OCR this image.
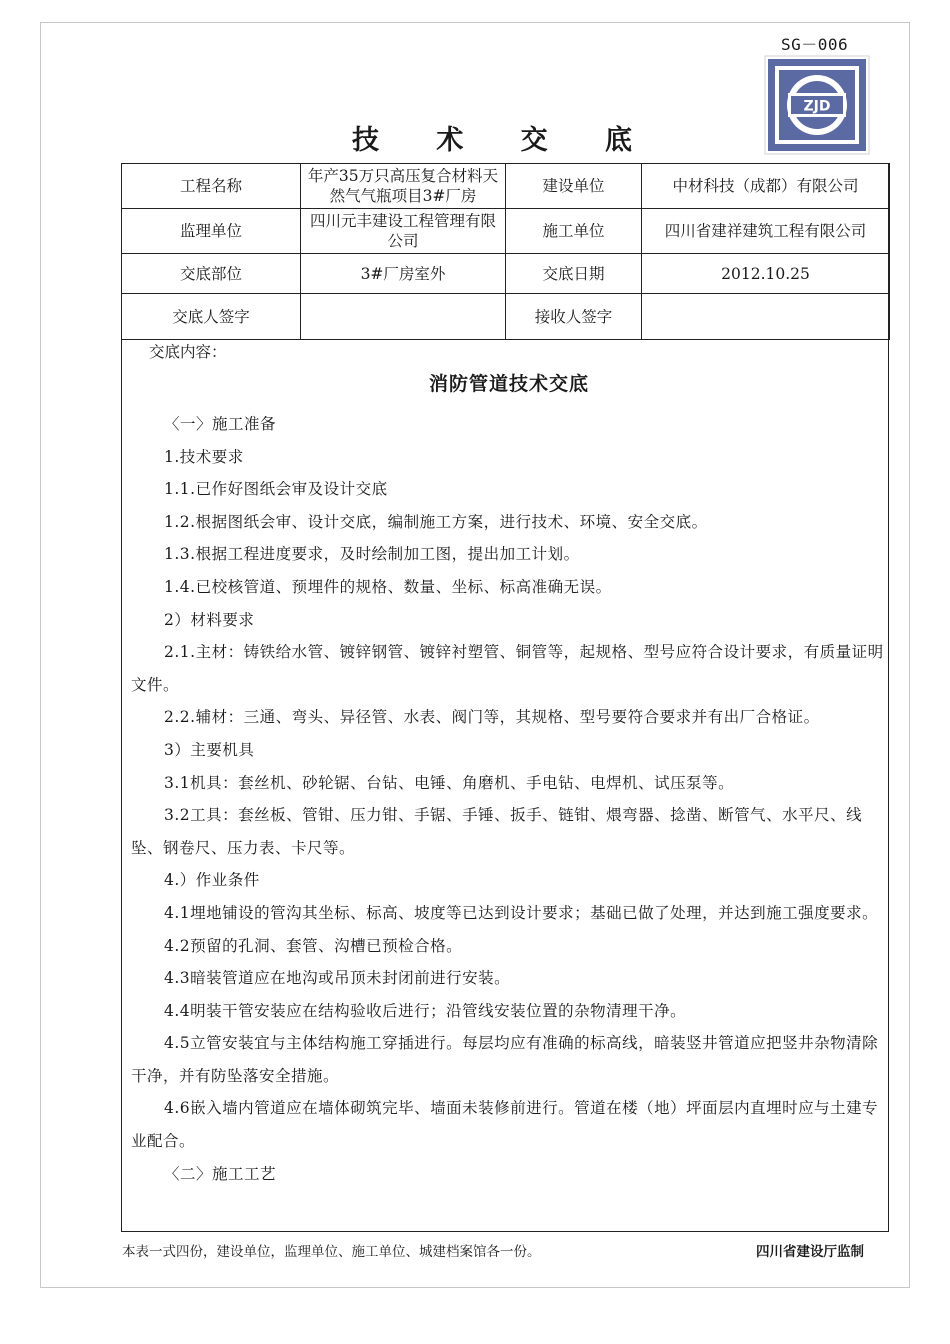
SG－006
ZJD
技 术 交 底
工程名称	年产35万只高压复合材料天然气气瓶项目3#厂房	建设单位	中材科技（成都）有限公司
监理单位	四川元丰建设工程管理有限公司	施工单位	四川省建祥建筑工程有限公司
交底部位	3#厂房室外	交底日期	2012.10.25
交底人签字		接收人签字	
交底内容：
消防管道技术交底

〈一〉施工准备

1.技术要求

1.1.已作好图纸会审及设计交底

1.2.根据图纸会审、设计交底，编制施工方案，进行技术、环境、安全交底。

1.3.根据工程进度要求，及时绘制加工图，提出加工计划。

1.4.已校核管道、预埋件的规格、数量、坐标、标高准确无误。

2）材料要求

2.1.主材：铸铁给水管、镀锌钢管、镀锌衬塑管、铜管等，起规格、型号应符合设计要求，有质量证明文件。

2.2.辅材：三通、弯头、异径管、水表、阀门等，其规格、型号要符合要求并有出厂合格证。

3）主要机具

3.1机具：套丝机、砂轮锯、台钻、电锤、角磨机、手电钻、电焊机、试压泵等。

3.2工具：套丝板、管钳、压力钳、手锯、手锤、扳手、链钳、煨弯器、捻凿、断管气、水平尺、线坠、钢卷尺、压力表、卡尺等。

4.）作业条件

4.1埋地铺设的管沟其坐标、标高、坡度等已达到设计要求；基础已做了处理，并达到施工强度要求。

4.2预留的孔洞、套管、沟槽已预检合格。

4.3暗装管道应在地沟或吊顶未封闭前进行安装。

4.4明装干管安装应在结构验收后进行；沿管线安装位置的杂物清理干净。

4.5立管安装宜与主体结构施工穿插进行。每层均应有准确的标高线，暗装竖井管道应把竖井杂物清除干净，并有防坠落安全措施。

4.6嵌入墙内管道应在墙体砌筑完毕、墙面未装修前进行。管道在楼（地）坪面层内直埋时应与土建专业配合。

〈二〉施工工艺

本表一式四份，建设单位，监理单位、施工单位、城建档案馆各一份。	四川省建设厅监制
